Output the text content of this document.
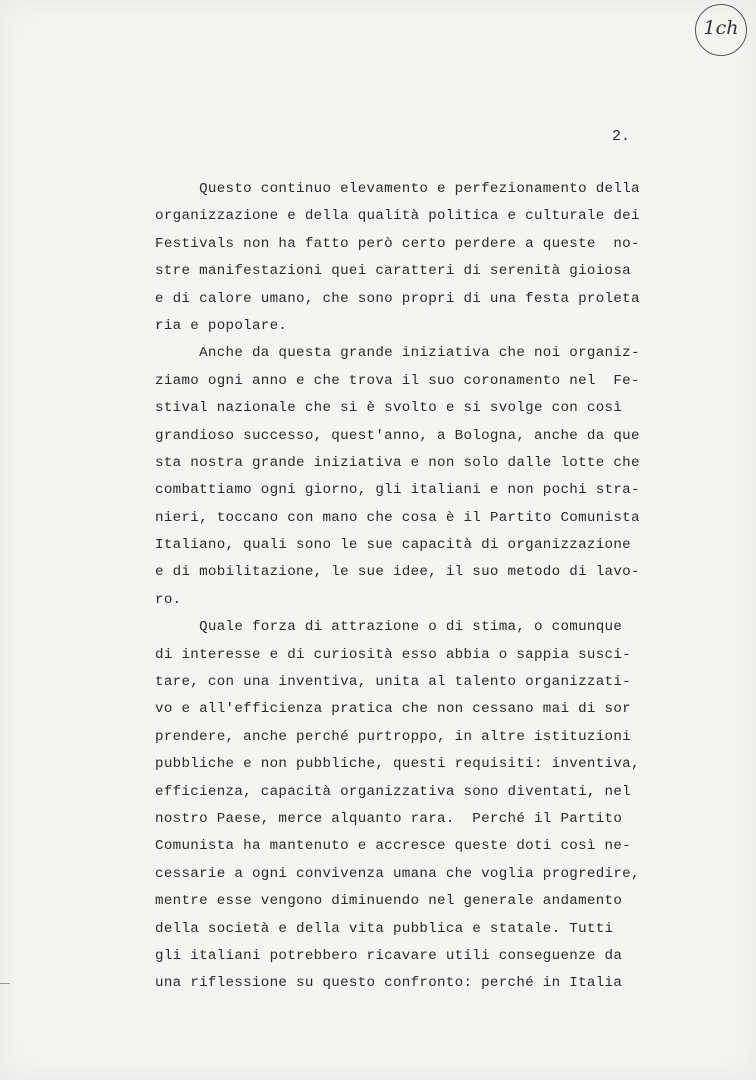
1ch
2.
Questo continuo elevamento e perfezionamento della
organizzazione e della qualità politica e culturale dei
Festivals non ha fatto però certo perdere a queste  no-
stre manifestazioni quei caratteri di serenità gioiosa
e di calore umano, che sono propri di una festa proleta
ria e popolare.
Anche da questa grande iniziativa che noi organiz-
ziamo ogni anno e che trova il suo coronamento nel  Fe-
stival nazionale che si è svolto e si svolge con così
grandioso successo, quest'anno, a Bologna, anche da que
sta nostra grande iniziativa e non solo dalle lotte che
combattiamo ogni giorno, gli italiani e non pochi stra-
nieri, toccano con mano che cosa è il Partito Comunista
Italiano, quali sono le sue capacità di organizzazione
e di mobilitazione, le sue idee, il suo metodo di lavo-
ro.
Quale forza di attrazione o di stima, o comunque
di interesse e di curiosità esso abbia o sappia susci-
tare, con una inventiva, unita al talento organizzati-
vo e all'efficienza pratica che non cessano mai di sor
prendere, anche perché purtroppo, in altre istituzioni
pubbliche e non pubbliche, questi requisiti: inventiva,
efficienza, capacità organizzativa sono diventati, nel
nostro Paese, merce alquanto rara.  Perché il Partito
Comunista ha mantenuto e accresce queste doti così ne-
cessarie a ogni convivenza umana che voglia progredire,
mentre esse vengono diminuendo nel generale andamento
della società e della vita pubblica e statale. Tutti
gli italiani potrebbero ricavare utili conseguenze da
una riflessione su questo confronto: perché in Italia
